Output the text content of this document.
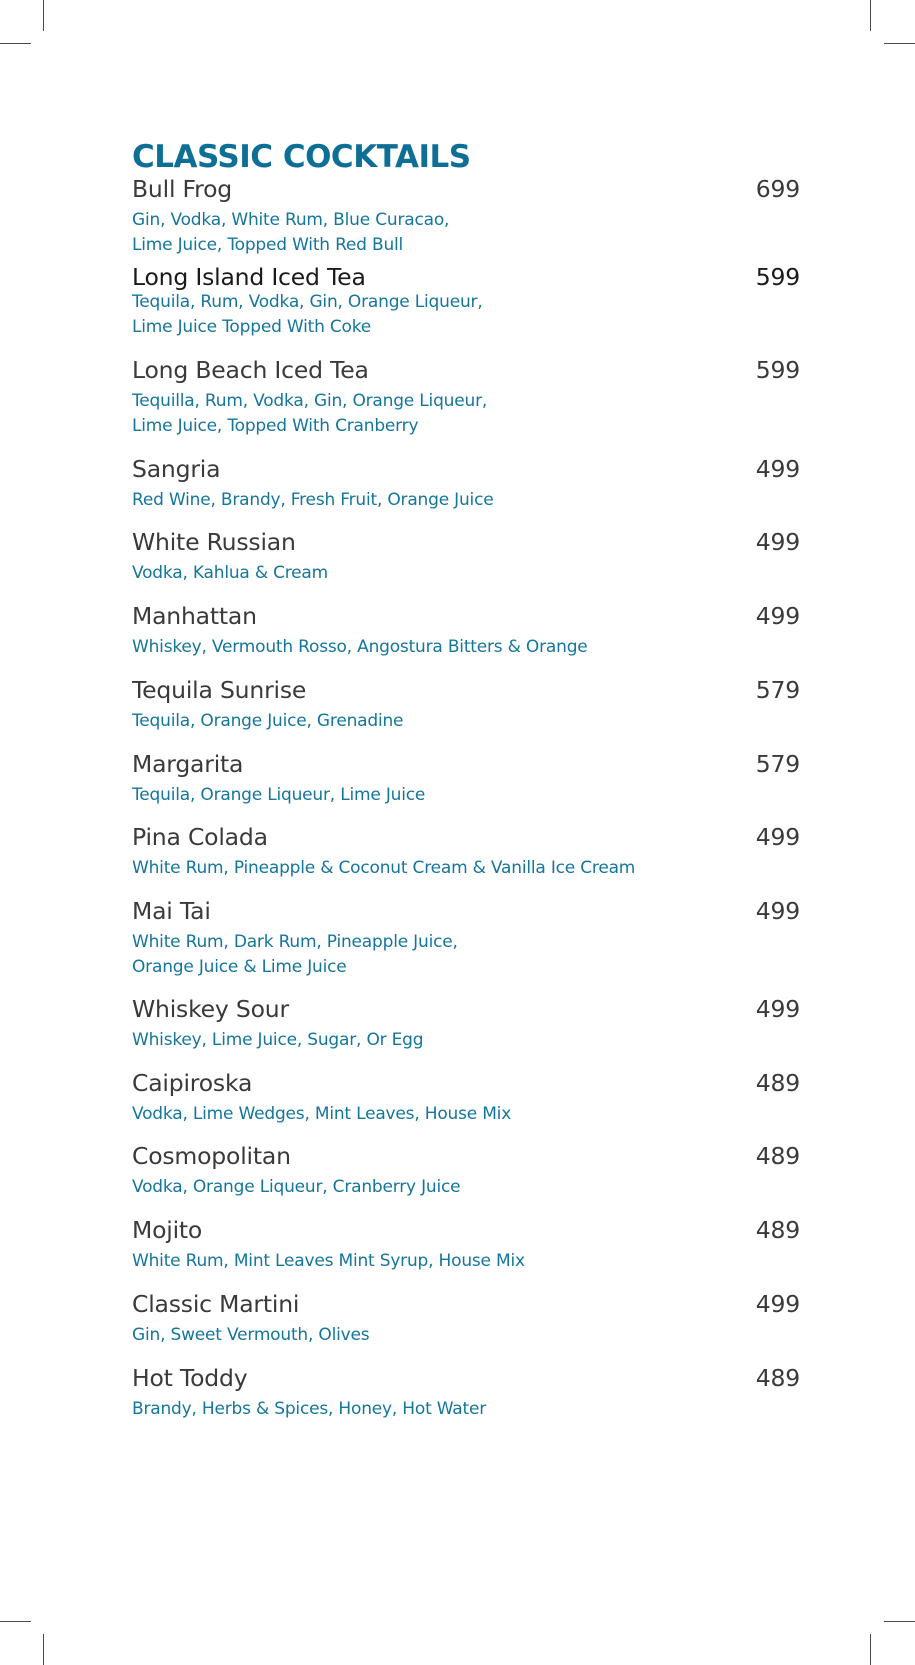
CLASSIC COCKTAILS
Bull Frog	699
Gin, Vodka, White Rum, Blue Curacao,
Lime Juice, Topped With Red Bull
Long Island Iced Tea	599
Tequila, Rum, Vodka, Gin, Orange Liqueur,
Lime Juice Topped With Coke
Long Beach Iced Tea	599
Tequilla, Rum, Vodka, Gin, Orange Liqueur,
Lime Juice, Topped With Cranberry
Sangria	499
Red Wine, Brandy, Fresh Fruit, Orange Juice
White Russian	499
Vodka, Kahlua & Cream
Manhattan	499
Whiskey, Vermouth Rosso, Angostura Bitters & Orange
Tequila Sunrise	579
Tequila, Orange Juice, Grenadine
Margarita	579
Tequila, Orange Liqueur, Lime Juice
Pina Colada	499
White Rum, Pineapple & Coconut Cream & Vanilla Ice Cream
Mai Tai	499
White Rum, Dark Rum, Pineapple Juice,
Orange Juice & Lime Juice
Whiskey Sour	499
Whiskey, Lime Juice, Sugar, Or Egg
Caipiroska	489
Vodka, Lime Wedges, Mint Leaves, House Mix
Cosmopolitan	489
Vodka, Orange Liqueur, Cranberry Juice
Mojito	489
White Rum, Mint Leaves Mint Syrup, House Mix
Classic Martini	499
Gin, Sweet Vermouth, Olives
Hot Toddy	489
Brandy, Herbs & Spices, Honey, Hot Water
